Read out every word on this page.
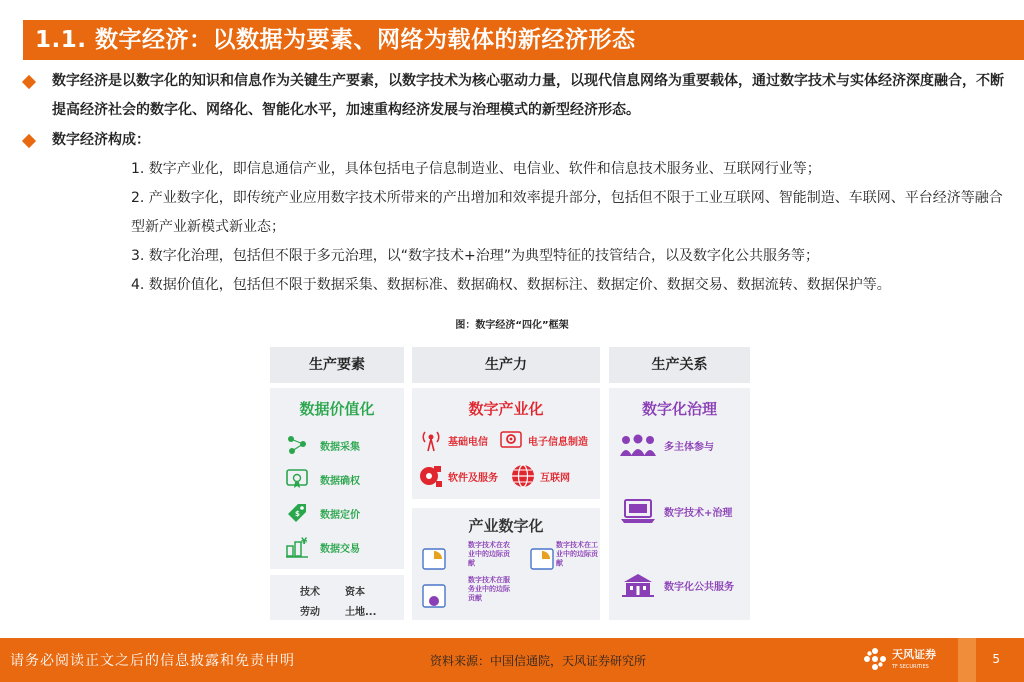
1.1. 数字经济：以数据为要素、网络为载体的新经济形态
数字经济是以数字化的知识和信息作为关键生产要素，以数字技术为核心驱动力量，以现代信息网络为重要载体，通过数字技术与实体经济深度融合，不断提高经济社会的数字化、网络化、智能化水平，加速重构经济发展与治理模式的新型经济形态。
数字经济构成：
1. 数字产业化，即信息通信产业，具体包括电子信息制造业、电信业、软件和信息技术服务业、互联网行业等；
2. 产业数字化，即传统产业应用数字技术所带来的产出增加和效率提升部分，包括但不限于工业互联网、智能制造、车联网、平台经济等融合型新产业新模式新业态；
3. 数字化治理，包括但不限于多元治理，以“数字技术+治理”为典型特征的技管结合，以及数字化公共服务等；
4. 数据价值化，包括但不限于数据采集、数据标准、数据确权、数据标注、数据定价、数据交易、数据流转、数据保护等。
图：数字经济“四化”框架
生产要素	生产力	生产关系
数据价值化
数据采集
数据确权
$ 数据定价
¥
数据交易
技术	资本
劳动	土地...
数字产业化
基础电信	电子信息制造
软件及服务	互联网
产业数字化
数字技术在农业中的边际贡献
数字技术在工业中的边际贡献
数字技术在服务业中的边际贡献
数字化治理
多主体参与
数字技术+治理
数字化公共服务
请务必阅读正文之后的信息披露和免责申明	资料来源：中国信通院，天风证券研究所	天风证券
TF SECURITIES
5
